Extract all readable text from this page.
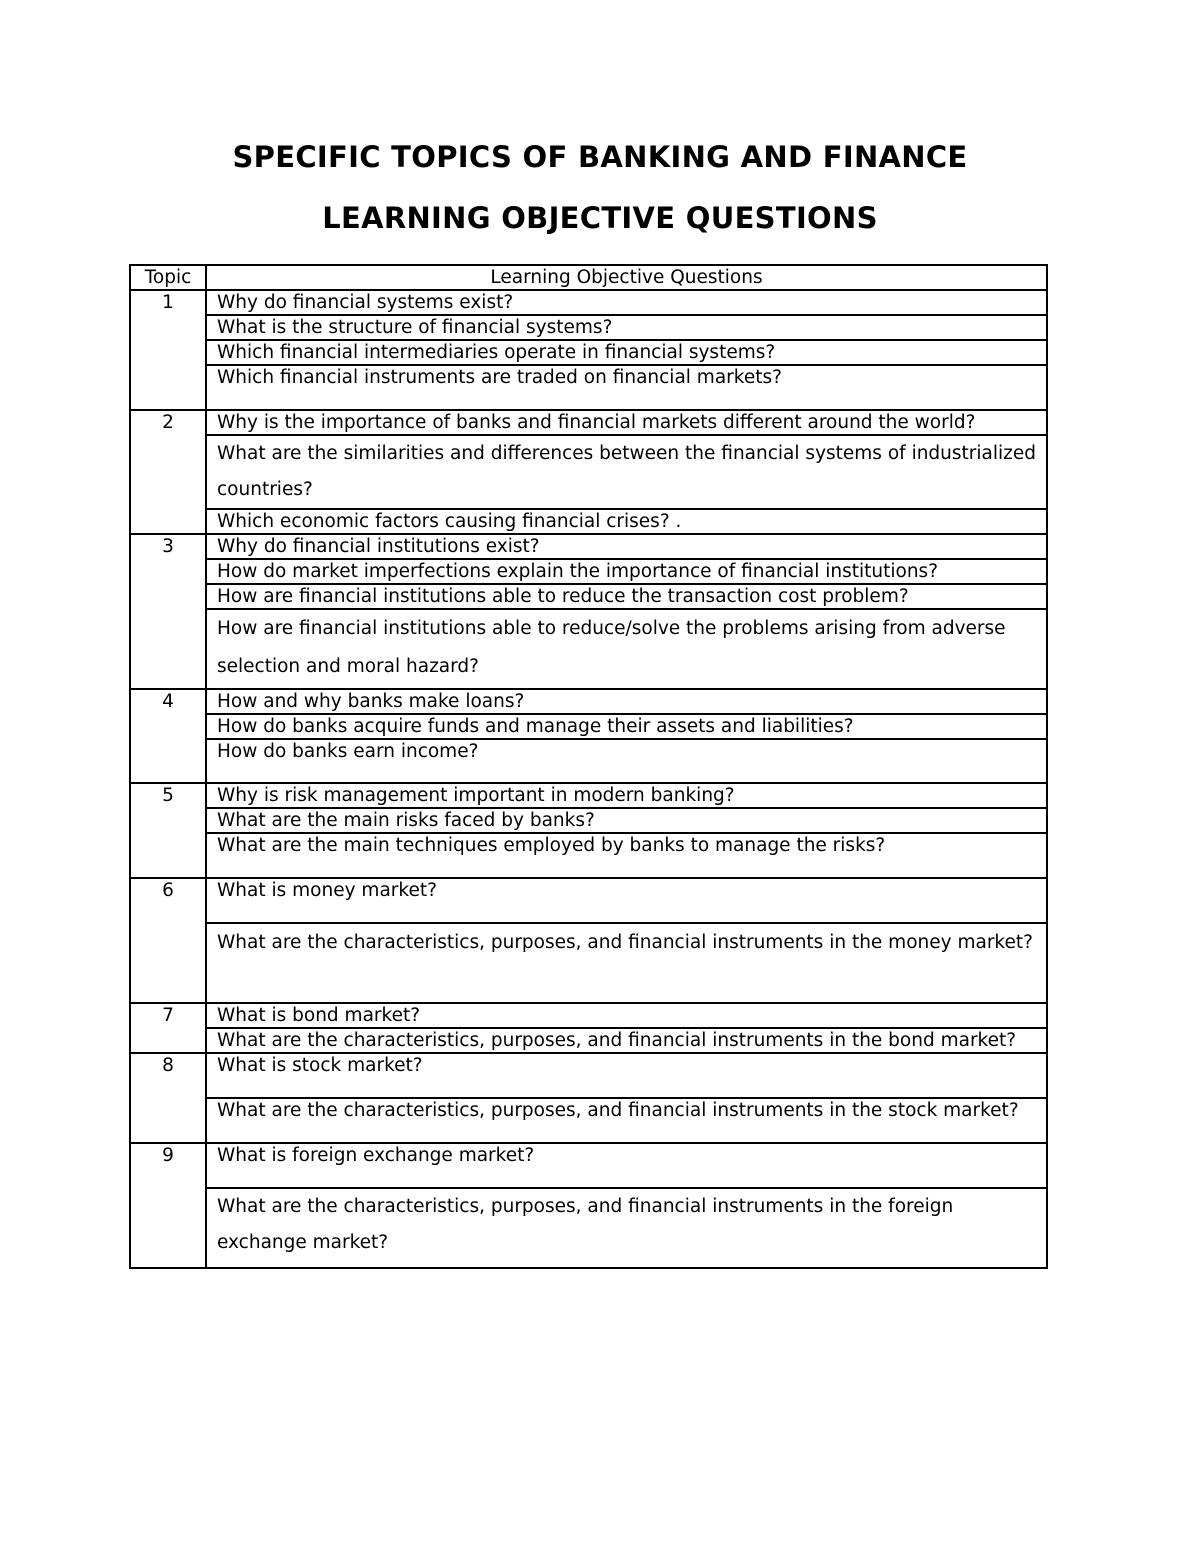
SPECIFIC TOPICS OF BANKING AND FINANCE
LEARNING OBJECTIVE QUESTIONS
Topic	Learning Objective Questions
1	Why do financial systems exist?
	What is the structure of financial systems?
	Which financial intermediaries operate in financial systems?
	Which financial instruments are traded on financial markets?
2	Why is the importance of banks and financial markets different around the world?
	What are the similarities and differences between the financial systems of industrialized countries?
	Which economic factors causing financial crises? .
3	Why do financial institutions exist?
	How do market imperfections explain the importance of financial institutions?
	How are financial institutions able to reduce the transaction cost problem?
	How are financial institutions able to reduce/solve the problems arising from adverse selection and moral hazard?
4	How and why banks make loans?
	How do banks acquire funds and manage their assets and liabilities?
	How do banks earn income?
5	Why is risk management important in modern banking?
	What are the main risks faced by banks?
	What are the main techniques employed by banks to manage the risks?
6	What is money market?
	What are the characteristics, purposes, and financial instruments in the money market?
7	What is bond market?
	What are the characteristics, purposes, and financial instruments in the bond market?
8	What is stock market?
	What are the characteristics, purposes, and financial instruments in the stock market?
9	What is foreign exchange market?
	What are the characteristics, purposes, and financial instruments in the foreign exchange market?
